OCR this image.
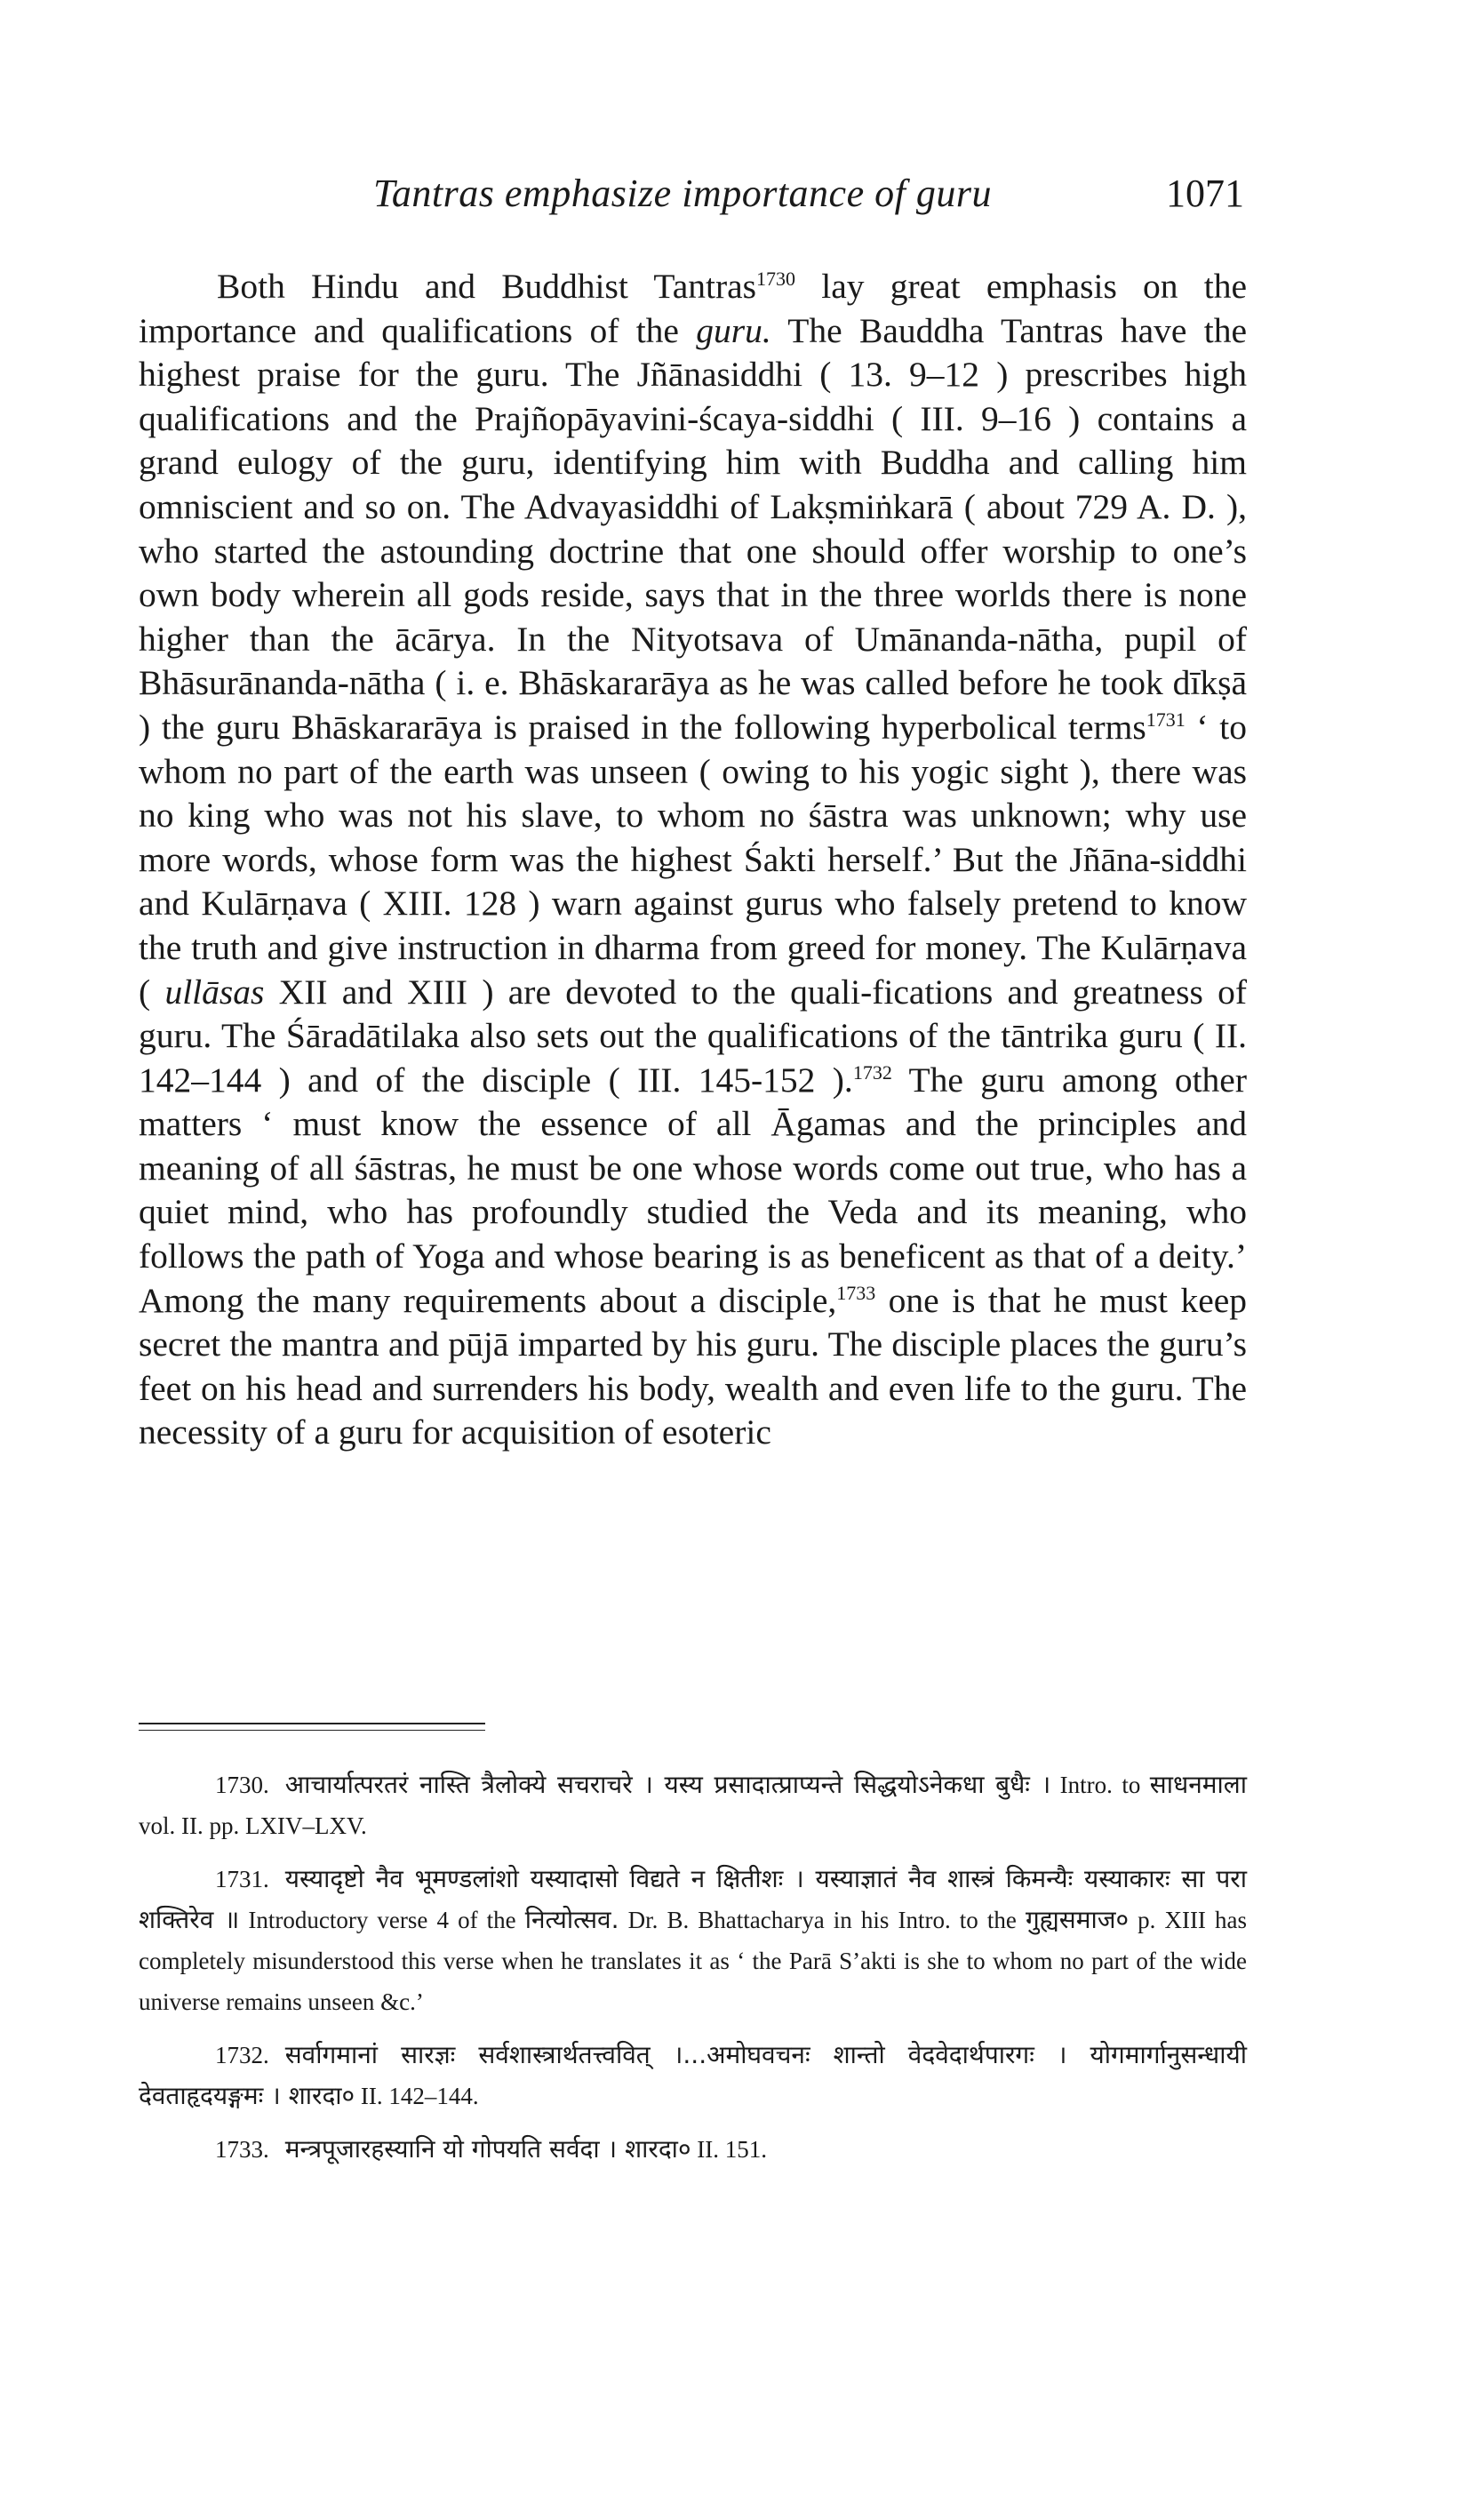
Tantras emphasize importance of guru	1071

Both Hindu and Buddhist Tantras$^{1730}$ lay great emphasis on the importance and qualifications of the guru. The Bauddha Tantras have the highest praise for the guru. The Jñānasiddhi ( 13. 9–12 ) prescribes high qualifications and the Prajñopāyavini-ścaya-siddhi ( III. 9–16 ) contains a grand eulogy of the guru, identifying him with Buddha and calling him omniscient and so on. The Advayasiddhi of Lakṣmiṅkarā ( about 729 A. D. ), who started the astounding doctrine that one should offer worship to one’s own body wherein all gods reside, says that in the three worlds there is none higher than the ācārya. In the Nityotsava of Umānanda-nātha, pupil of Bhāsurānanda-nātha ( i. e. Bhāskararāya as he was called before he took dīkṣā ) the guru Bhāskararāya is praised in the following hyperbolical terms$^{1731}$ ‘ to whom no part of the earth was unseen ( owing to his yogic sight ), there was no king who was not his slave, to whom no śāstra was unknown; why use more words, whose form was the highest Śakti herself.’ But the Jñāna-siddhi and Kulārṇava ( XIII. 128 ) warn against gurus who falsely pretend to know the truth and give instruction in dharma from greed for money. The Kulārṇava ( ullāsas XII and XIII ) are devoted to the quali-fications and greatness of guru. The Śāradātilaka also sets out the qualifications of the tāntrika guru ( II. 142–144 ) and of the disciple ( III. 145-152 ).$^{1732}$ The guru among other matters ‘ must know the essence of all Āgamas and the principles and meaning of all śāstras, he must be one whose words come out true, who has a quiet mind, who has profoundly studied the Veda and its meaning, who follows the path of Yoga and whose bearing is as beneficent as that of a deity.’ Among the many requirements about a disciple,$^{1733}$ one is that he must keep secret the mantra and pūjā imparted by his guru. The disciple places the guru’s feet on his head and surrenders his body, wealth and even life to the guru. The necessity of a guru for acquisition of esoteric

1730. आचार्यात्परतरं नास्ति त्रैलोक्ये सचराचरे । यस्य प्रसादात्प्राप्यन्ते सिद्धयोऽनेकधा बुधैः । Intro. to साधनमाला vol. II. pp. LXIV–LXV.

1731. यस्यादृष्टो नैव भूमण्डलांशो यस्यादासो विद्यते न क्षितीशः । यस्याज्ञातं नैव शास्त्रं किमन्यैः यस्याकारः सा परा शक्तिरेव ॥ Introductory verse 4 of the नित्योत्सव. Dr. B. Bhattacharya in his Intro. to the गुह्यसमाज० p. XIII has completely misunderstood this verse when he translates it as ‘ the Parā S’akti is she to whom no part of the wide universe remains unseen &c.’

1732. सर्वागमानां सारज्ञः सर्वशास्त्रार्थतत्त्ववित् ।...अमोघवचनः शान्तो वेदवेदार्थपारगः । योगमार्गानुसन्धायी देवताहृदयङ्गमः । शारदा० II. 142–144.

1733. मन्त्रपूजारहस्यानि यो गोपयति सर्वदा । शारदा० II. 151.
